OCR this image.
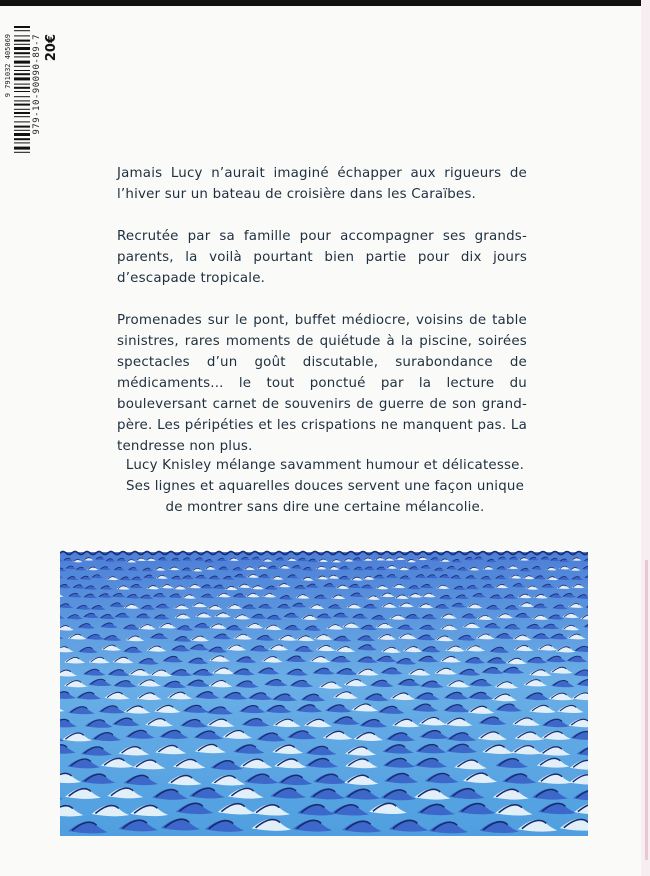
979-10-90090-89-7 20€
9 791032 405069

Jamais Lucy n’aurait imaginé échapper aux rigueurs de l’hiver sur un bateau de croisière dans les Caraïbes.

Recrutée par sa famille pour accompagner ses grands-parents, la voilà pourtant bien partie pour dix jours d’escapade tropicale.

Promenades sur le pont, buffet médiocre, voisins de table sinistres, rares moments de quiétude à la piscine, soirées spectacles d’un goût discutable, surabondance de médicaments... le tout ponctué par la lecture du bouleversant carnet de souvenirs de guerre de son grand-père. Les péripéties et les crispations ne manquent pas. La tendresse non plus.

Lucy Knisley mélange savamment humour et délicatesse.
Ses lignes et aquarelles douces servent une façon unique
de montrer sans dire une certaine mélancolie.
